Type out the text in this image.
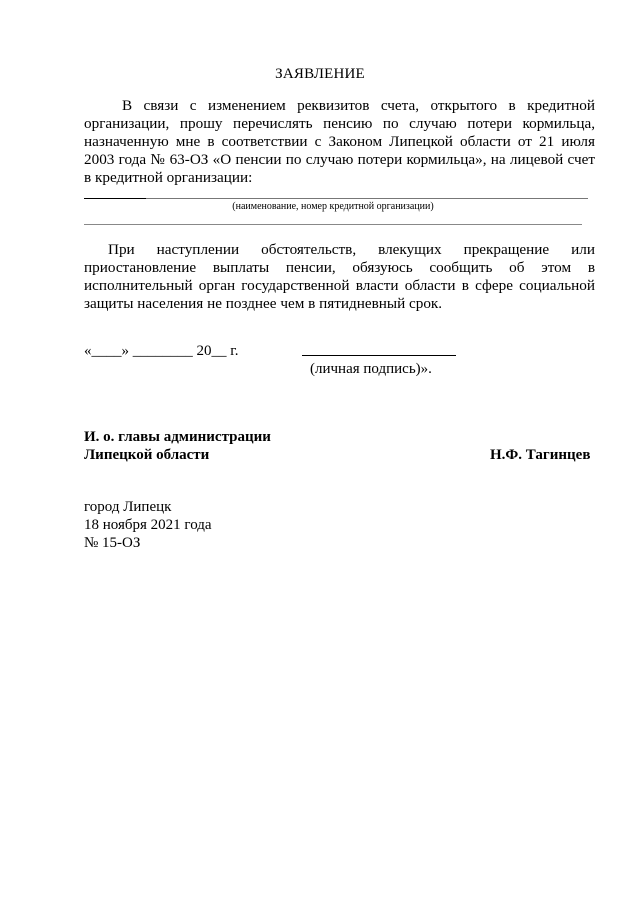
ЗАЯВЛЕНИЕ
В связи с изменением реквизитов счета, открытого в кредитной организации, прошу перечислять пенсию по случаю потери кормильца, назначенную мне в соответствии с Законом Липецкой области от 21 июля 2003 года № 63-ОЗ «О пенсии по случаю потери кормильца», на лицевой счет в кредитной организации:
(наименование, номер кредитной организации)
При наступлении обстоятельств, влекущих прекращение или приостановление выплаты пенсии, обязуюсь сообщить об этом в исполнительный орган государственной власти области в сфере социальной защиты населения не позднее чем в пятидневный срок.
«____» ________ 20__ г.
(личная подпись)».
И. о. главы администрации
Липецкой области	Н.Ф. Тагинцев
город Липецк
18 ноября 2021 года
№ 15-ОЗ
